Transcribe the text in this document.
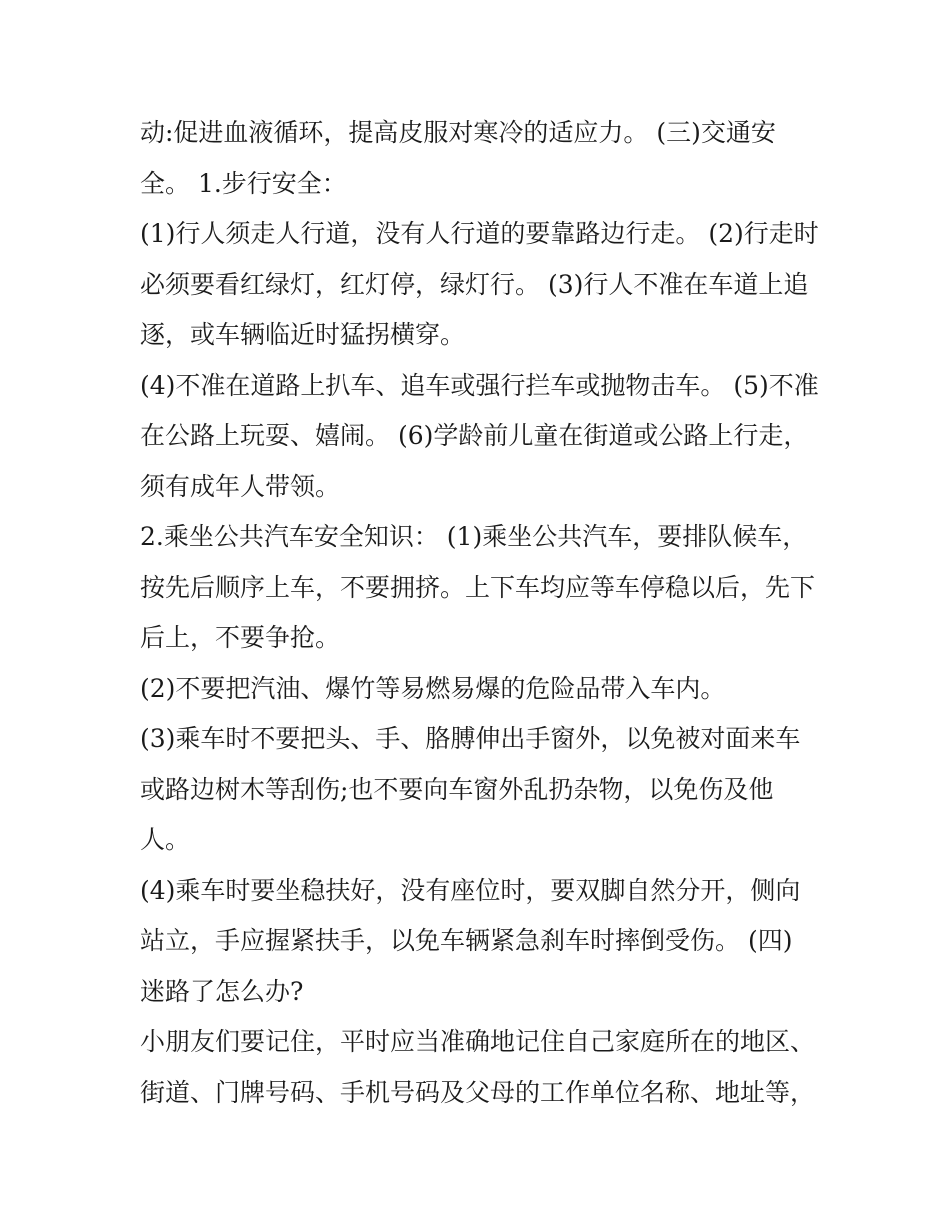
动:促进血液循环，提高皮服对寒冷的适应力。 (三)交通安
全。 1.步行安全：
(1)行人须走人行道，没有人行道的要靠路边行走。 (2)行走时
必须要看红绿灯，红灯停，绿灯行。 (3)行人不准在车道上追
逐，或车辆临近时猛拐横穿。
(4)不准在道路上扒车、追车或强行拦车或抛物击车。 (5)不准
在公路上玩耍、嬉闹。 (6)学龄前儿童在街道或公路上行走，
须有成年人带领。
2.乘坐公共汽车安全知识： (1)乘坐公共汽车，要排队候车，
按先后顺序上车，不要拥挤。上下车均应等车停稳以后，先下
后上，不要争抢。
(2)不要把汽油、爆竹等易燃易爆的危险品带入车内。
(3)乘车时不要把头、手、胳膊伸出手窗外，以免被对面来车
或路边树木等刮伤;也不要向车窗外乱扔杂物，以免伤及他
人。
(4)乘车时要坐稳扶好，没有座位时，要双脚自然分开，侧向
站立，手应握紧扶手，以免车辆紧急刹车时摔倒受伤。 (四)
迷路了怎么办?
小朋友们要记住，平时应当准确地记住自己家庭所在的地区、
街道、门牌号码、手机号码及父母的工作单位名称、地址等，
